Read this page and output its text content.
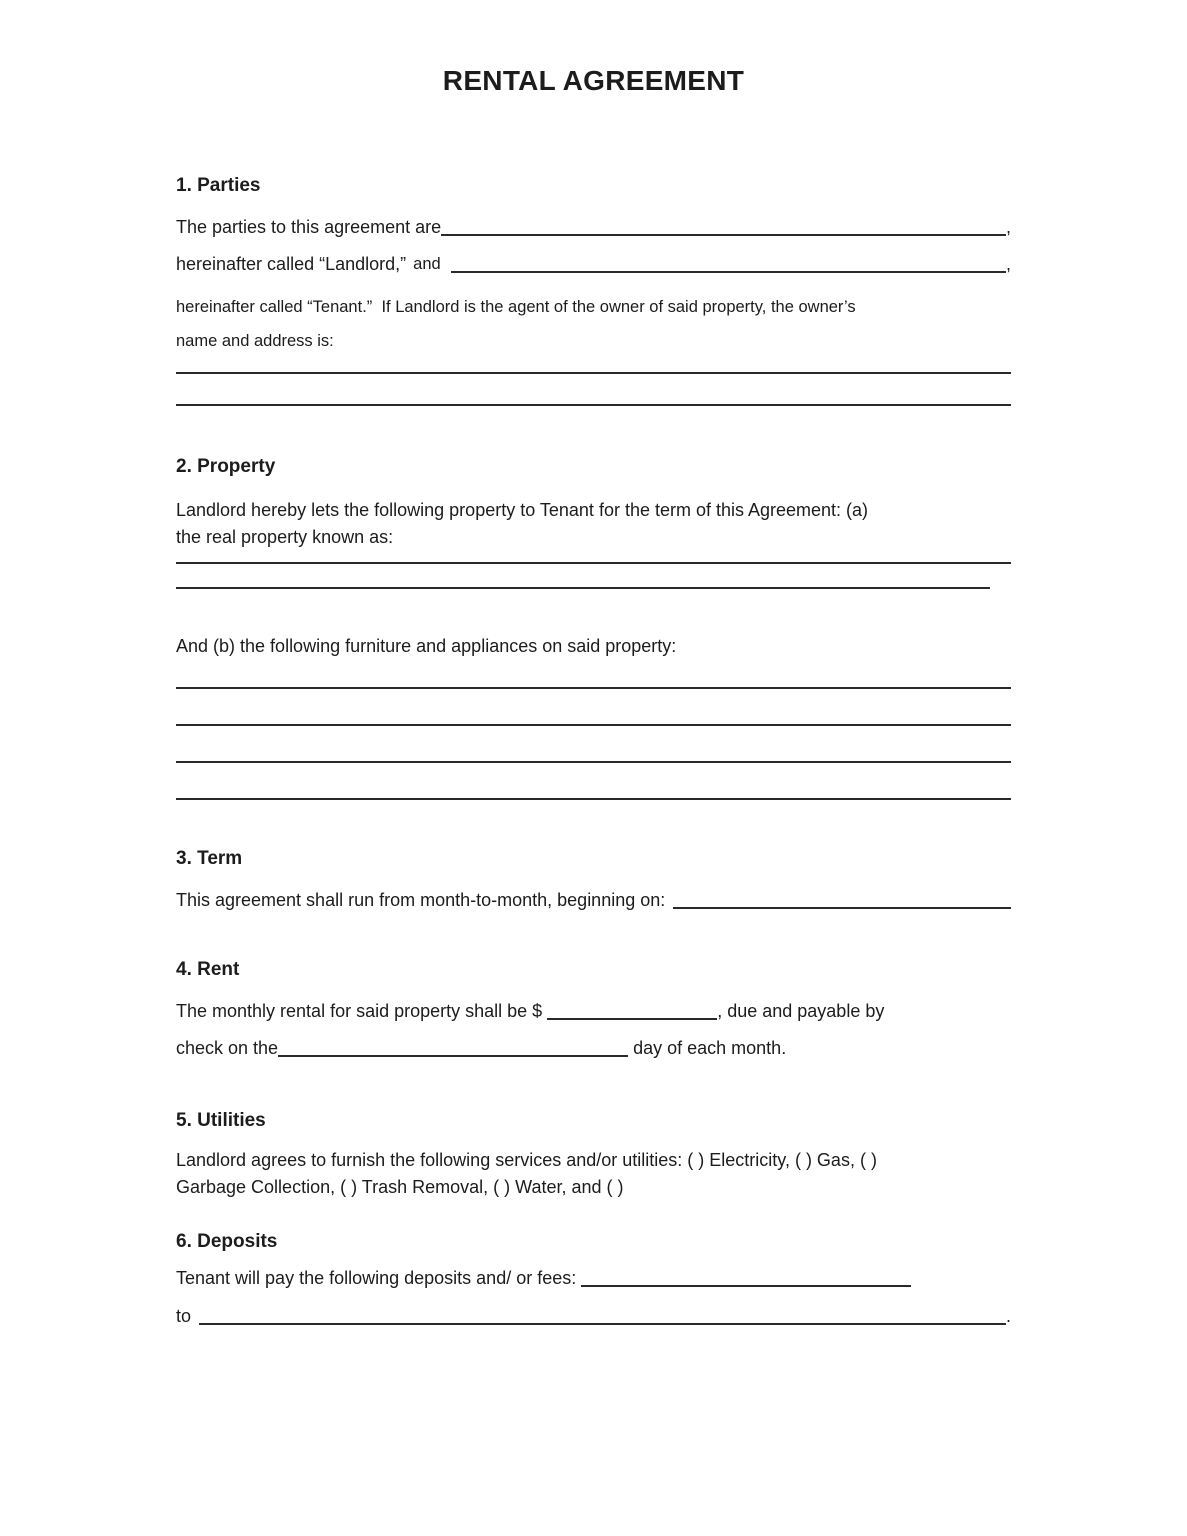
RENTAL AGREEMENT
1. Parties
The parties to this agreement are	,
hereinafter called “Landlord,” and	,

hereinafter called “Tenant.”  If Landlord is the agent of the owner of said property, the owner’s
name and address is:

2. Property

Landlord hereby lets the following property to Tenant for the term of this Agreement: (a)
the real property known as:

And (b) the following furniture and appliances on said property:

3. Term
This agreement shall run from month-to-month, beginning on:
4. Rent
The monthly rental for said property shall be $	, due and payable by
check on the	day of each month.
5. Utilities

Landlord agrees to furnish the following services and/or utilities: ( ) Electricity, ( ) Gas, ( )
Garbage Collection, ( ) Trash Removal, ( ) Water, and ( )

6. Deposits
Tenant will pay the following deposits and/ or fees:
to	.
